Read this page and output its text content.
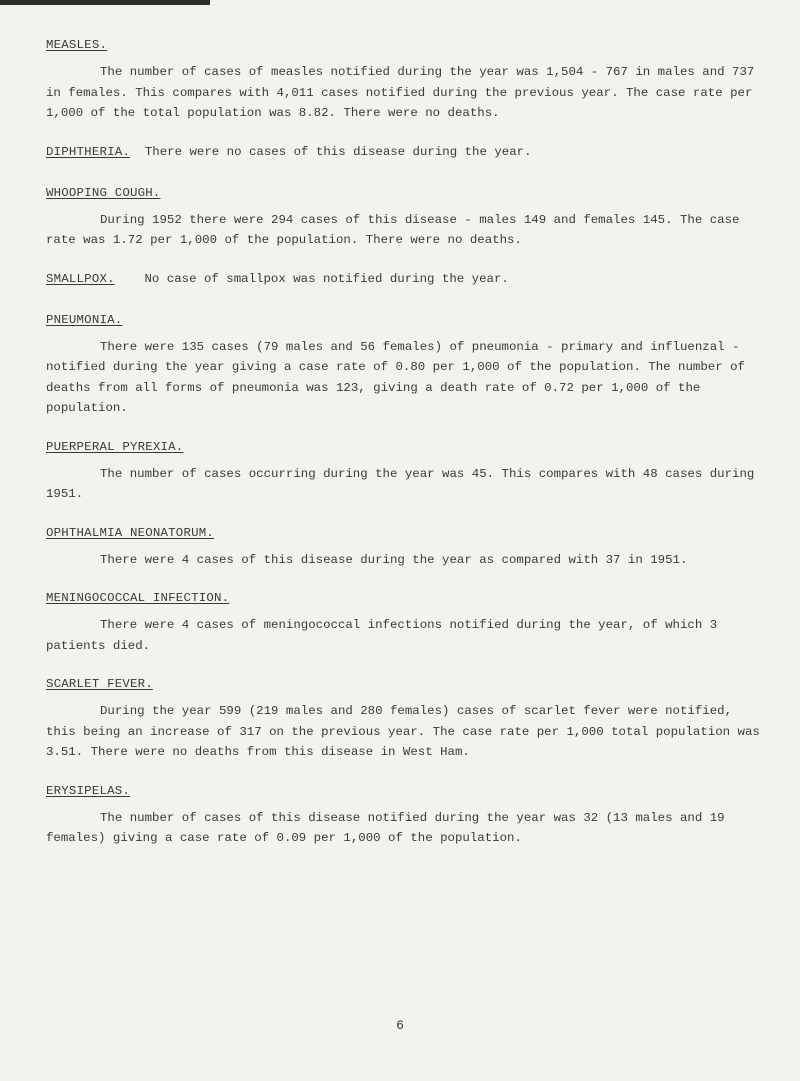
MEASLES.

The number of cases of measles notified during the year was 1,504 - 767 in males and 737 in females. This compares with 4,011 cases notified during the previous year. The case rate per 1,000 of the total population was 8.82. There were no deaths.

DIPHTHERIA. There were no cases of this disease during the year.

WHOOPING COUGH.

During 1952 there were 294 cases of this disease - males 149 and females 145. The case rate was 1.72 per 1,000 of the population. There were no deaths.

SMALLPOX. No case of smallpox was notified during the year.

PNEUMONIA.

There were 135 cases (79 males and 56 females) of pneumonia - primary and influenzal - notified during the year giving a case rate of 0.80 per 1,000 of the population. The number of deaths from all forms of pneumonia was 123, giving a death rate of 0.72 per 1,000 of the population.

PUERPERAL PYREXIA.

The number of cases occurring during the year was 45. This compares with 48 cases during 1951.

OPHTHALMIA NEONATORUM.

There were 4 cases of this disease during the year as compared with 37 in 1951.

MENINGOCOCCAL INFECTION.

There were 4 cases of meningococcal infections notified during the year, of which 3 patients died.

SCARLET FEVER.

During the year 599 (219 males and 280 females) cases of scarlet fever were notified, this being an increase of 317 on the previous year. The case rate per 1,000 total population was 3.51. There were no deaths from this disease in West Ham.

ERYSIPELAS.

The number of cases of this disease notified during the year was 32 (13 males and 19 females) giving a case rate of 0.09 per 1,000 of the population.

6
